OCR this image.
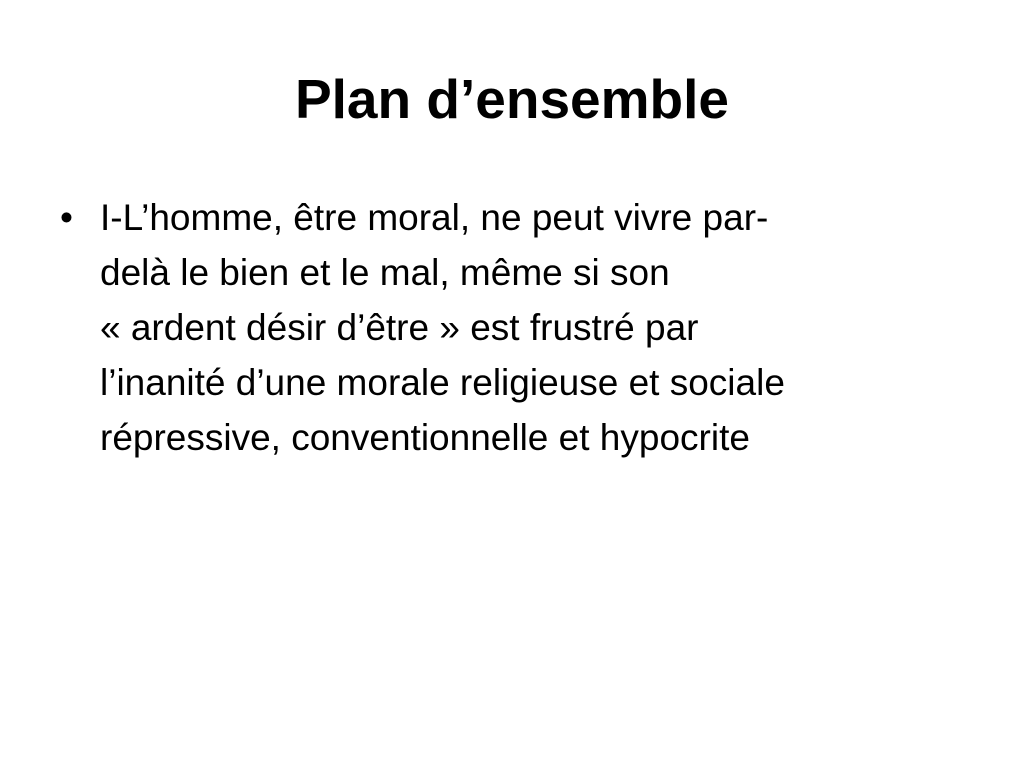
Plan d’ensemble
• I-L’homme, être moral, ne peut vivre par-
delà le bien et le mal, même si son
« ardent désir d’être » est frustré par
l’inanité d’une morale religieuse et sociale
répressive, conventionnelle et hypocrite
